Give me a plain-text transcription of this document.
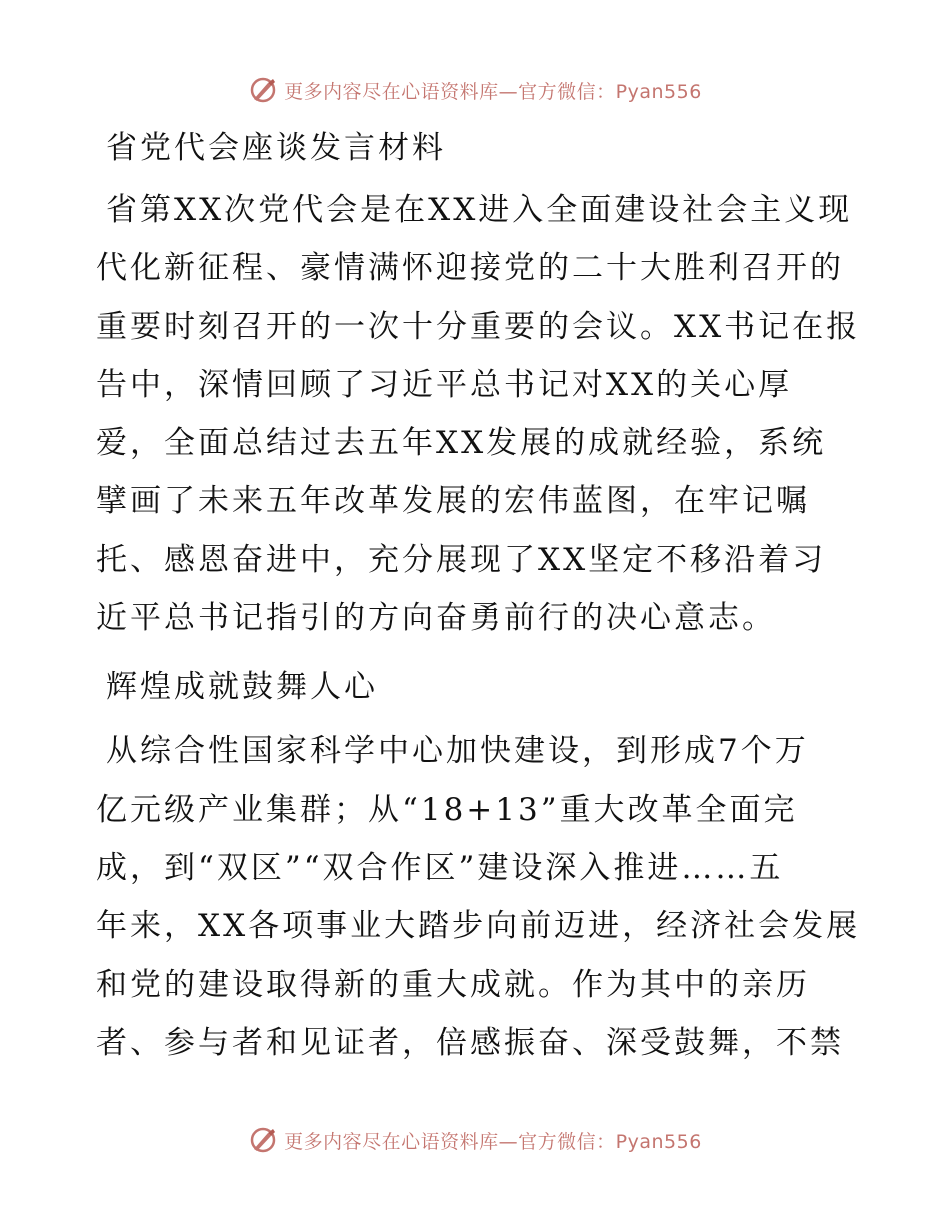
更多内容尽在心语资料库—官方微信：Pyan556
省党代会座谈发言材料

省第XX次党代会是在XX进入全面建设社会主义现
代化新征程、豪情满怀迎接党的二十大胜利召开的
重要时刻召开的一次十分重要的会议。XX书记在报
告中，深情回顾了习近平总书记对XX的关心厚
爱，全面总结过去五年XX发展的成就经验，系统
擘画了未来五年改革发展的宏伟蓝图，在牢记嘱
托、感恩奋进中，充分展现了XX坚定不移沿着习
近平总书记指引的方向奋勇前行的决心意志。

辉煌成就鼓舞人心

从综合性国家科学中心加快建设，到形成7个万
亿元级产业集群；从“18+13”重大改革全面完
成，到“双区”“双合作区”建设深入推进……五
年来，XX各项事业大踏步向前迈进，经济社会发展
和党的建设取得新的重大成就。作为其中的亲历
者、参与者和见证者，倍感振奋、深受鼓舞，不禁

更多内容尽在心语资料库—官方微信：Pyan556
